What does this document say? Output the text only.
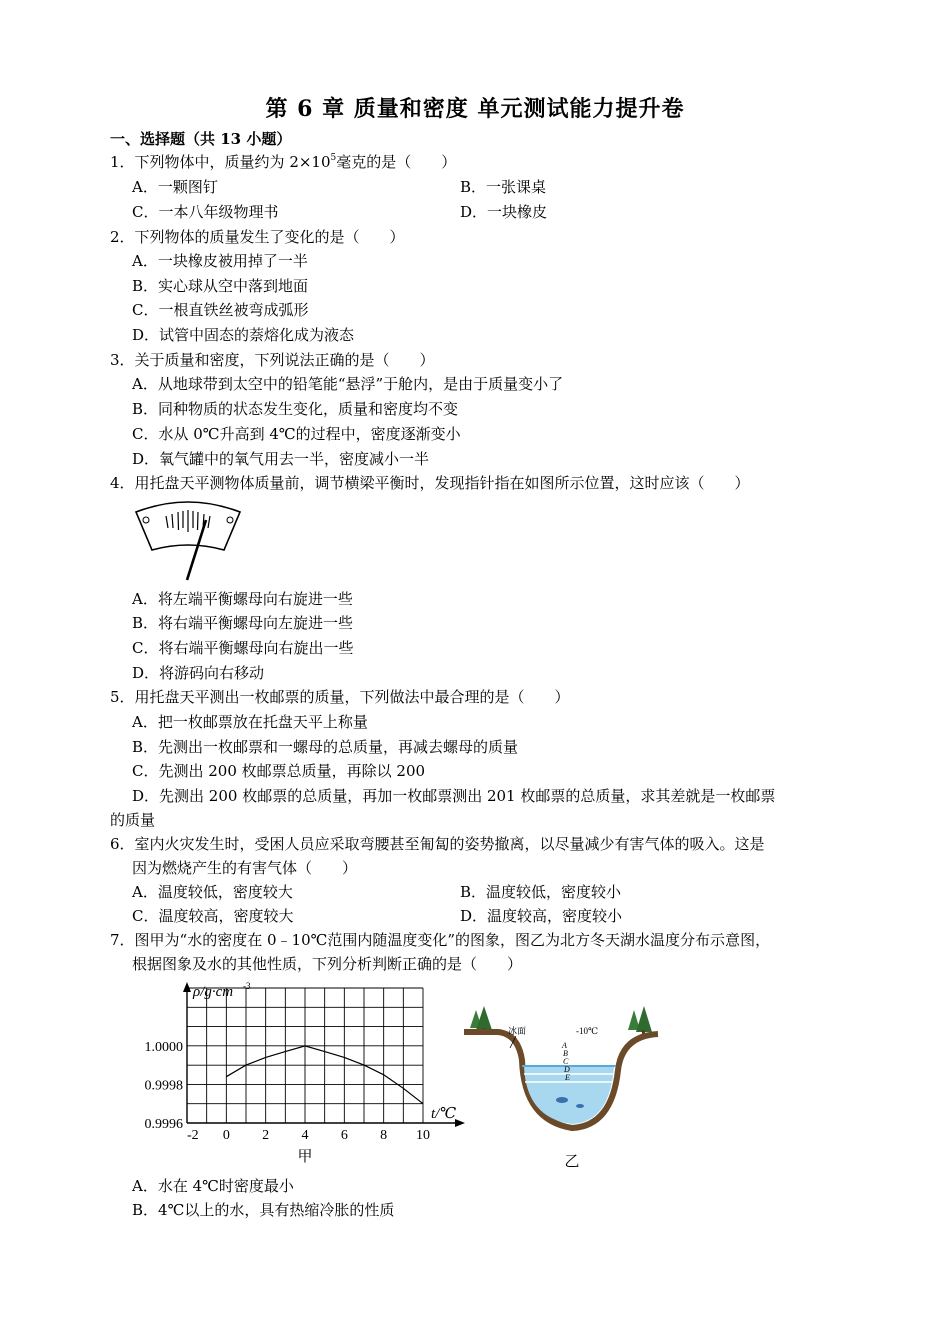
第 6 章 质量和密度 单元测试能力提升卷
一、选择题（共 13 小题）
1．下列物体中，质量约为 $2\times 10^5$毫克的是（　　）
A．一颗图钉	B．一张课桌
C．一本八年级物理书	D．一块橡皮
2．下列物体的质量发生了变化的是（　　）
A．一块橡皮被用掉了一半
B．实心球从空中落到地面
C．一根直铁丝被弯成弧形
D．试管中固态的萘熔化成为液态
3．关于质量和密度，下列说法正确的是（　　）
A．从地球带到太空中的铅笔能“悬浮”于舱内，是由于质量变小了
B．同种物质的状态发生变化，质量和密度均不变
C．水从 0℃升高到 4℃的过程中，密度逐渐变小
D．氧气罐中的氧气用去一半，密度减小一半
4．用托盘天平测物体质量前，调节横梁平衡时，发现指针指在如图所示位置，这时应该（　　）
A．将左端平衡螺母向右旋进一些
B．将右端平衡螺母向左旋进一些
C．将右端平衡螺母向右旋出一些
D．将游码向右移动
5．用托盘天平测出一枚邮票的质量，下列做法中最合理的是（　　）
A．把一枚邮票放在托盘天平上称量
B．先测出一枚邮票和一螺母的总质量，再减去螺母的质量
C．先测出 200 枚邮票总质量，再除以 200
D．先测出 200 枚邮票的总质量，再加一枚邮票测出 201 枚邮票的总质量，求其差就是一枚邮票
的质量
6．室内火灾发生时，受困人员应采取弯腰甚至匍匐的姿势撤离，以尽量减少有害气体的吸入。这是
因为燃烧产生的有害气体（　　）
A．温度较低，密度较大	B．温度较低，密度较小
C．温度较高，密度较大	D．温度较高，密度较小
7．图甲为“水的密度在 0﹣10℃范围内随温度变化”的图象，图乙为北方冬天湖水温度分布示意图，
根据图象及水的其他性质，下列分析判断正确的是（　　）
-2 0 2 4 6 8 10
0.9996
0.9998
1.0000
ρ/g·cm -3
t/℃
甲
冰面	-10℃
A
B
C
D
E
乙
A．水在 4℃时密度最小
B．4℃以上的水，具有热缩冷胀的性质
